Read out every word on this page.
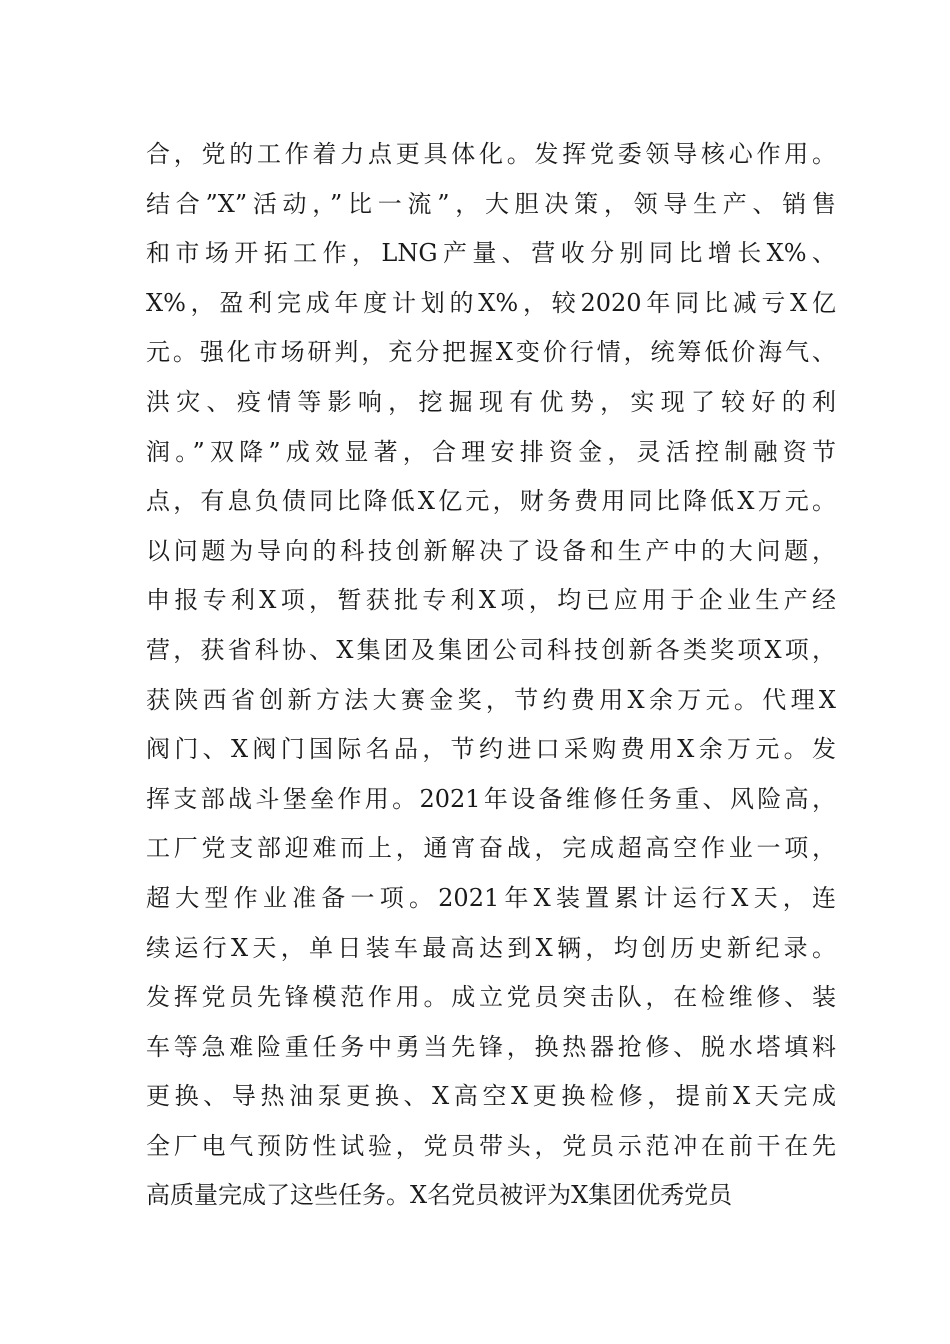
合，党的工作着力点更具体化。发挥党委领导核心作用。
结合”X”活动，”比一流”，大胆决策，领导生产、销售
和市场开拓工作，LNG产量、营收分别同比增长X%、
X%，盈利完成年度计划的X%，较2020年同比减亏X亿
元。强化市场研判，充分把握X变价行情，统筹低价海气、
洪灾、疫情等影响，挖掘现有优势，实现了较好的利
润。”双降”成效显著，合理安排资金，灵活控制融资节
点，有息负债同比降低X亿元，财务费用同比降低X万元。
以问题为导向的科技创新解决了设备和生产中的大问题，
申报专利X项，暂获批专利X项，均已应用于企业生产经
营，获省科协、X集团及集团公司科技创新各类奖项X项，
获陕西省创新方法大赛金奖，节约费用X余万元。代理X
阀门、X阀门国际名品，节约进口采购费用X余万元。发
挥支部战斗堡垒作用。2021年设备维修任务重、风险高，
工厂党支部迎难而上，通宵奋战，完成超高空作业一项，
超大型作业准备一项。2021年X装置累计运行X天，连
续运行X天，单日装车最高达到X辆，均创历史新纪录。
发挥党员先锋模范作用。成立党员突击队，在检维修、装
车等急难险重任务中勇当先锋，换热器抢修、脱水塔填料
更换、导热油泵更换、X高空X更换检修，提前X天完成
全厂电气预防性试验，党员带头，党员示范冲在前干在先
高质量完成了这些任务。X名党员被评为X集团优秀党员
